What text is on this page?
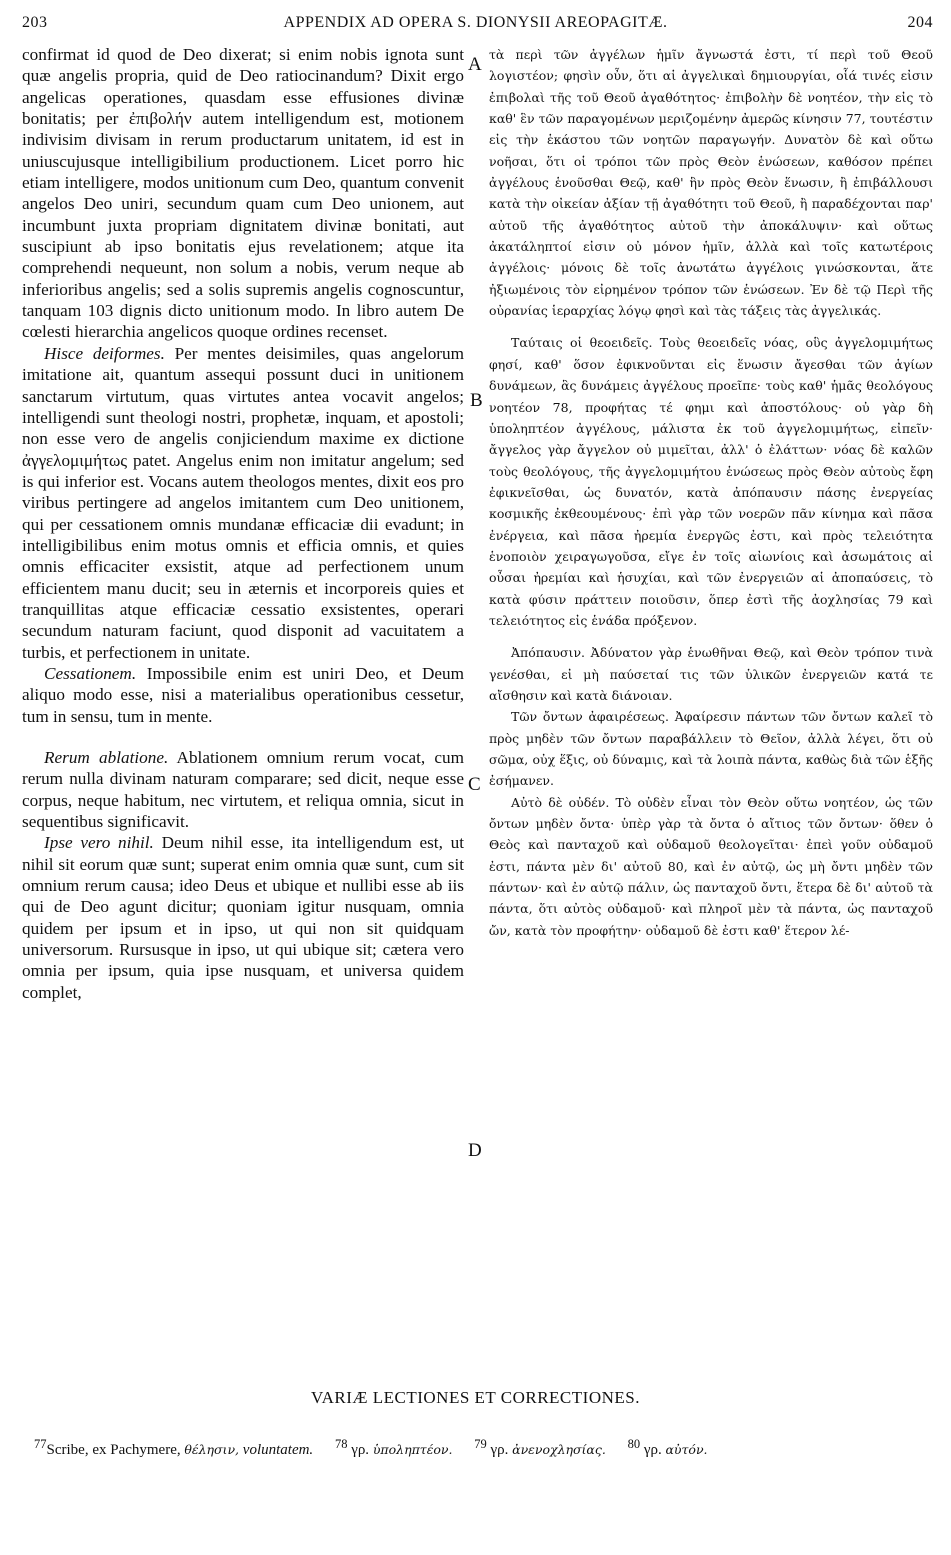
203	APPENDIX AD OPERA S. DIONYSII AREOPAGITÆ.	204

confirmat id quod de Deo dixerat; si enim nobis ignota sunt quæ angelis propria, quid de Deo ratiocinandum? Dixit ergo angelicas operationes, quasdam esse effusiones divinæ bonitatis; per ἐπιβολήν autem intelligendum est, motionem indivisim divisam in rerum productarum unitatem, id est in uniuscujusque intelligibilium productionem. Licet porro hic etiam intelligere, modos unitionum cum Deo, quantum convenit angelos Deo uniri, secundum quam cum Deo unionem, aut incumbunt juxta propriam dignitatem divinæ bonitati, aut suscipiunt ab ipso bonitatis ejus revelationem; atque ita comprehendi nequeunt, non solum a nobis, verum neque ab inferioribus angelis; sed a solis supremis angelis cognoscuntur, tanquam 103 dignis dicto unitionum modo. In libro autem De cœlesti hierarchia angelicos quoque ordines recenset.

Hisce deiformes. Per mentes deisimiles, quas angelorum imitatione ait, quantum assequi possunt duci in unitionem sanctarum virtutum, quas virtutes antea vocavit angelos; intelligendi sunt theologi nostri, prophetæ, inquam, et apostoli; non esse vero de angelis conjiciendum maxime ex dictione ἀγγελομιμήτως patet. Angelus enim non imitatur angelum; sed is qui inferior est. Vocans autem theologos mentes, dixit eos pro viribus pertingere ad angelos imitantem cum Deo unitionem, qui per cessationem omnis mundanæ efficaciæ dii evadunt; in intelligibilibus enim motus omnis et efficia omnis, et quies omnis efficaciter exsistit, atque ad perfectionem unum efficientem manu ducit; seu in æternis et incorporeis quies et tranquillitas atque efficaciæ cessatio exsistentes, operari secundum naturam faciunt, quod disponit ad vacuitatem a turbis, et perfectionem in unitate.

Cessationem. Impossibile enim est uniri Deo, et Deum aliquo modo esse, nisi a materialibus operationibus cessetur, tum in sensu, tum in mente.

Rerum ablatione. Ablationem omnium rerum vocat, cum rerum nulla divinam naturam comparare; sed dicit, neque esse corpus, neque habitum, nec virtutem, et reliqua omnia, sicut in sequentibus significavit.

Ipse vero nihil. Deum nihil esse, ita intelligendum est, ut nihil sit eorum quæ sunt; superat enim omnia quæ sunt, cum sit omnium rerum causa; ideo Deus et ubique et nullibi esse ab iis qui de Deo agunt dicitur; quoniam igitur nusquam, omnia quidem per ipsum et in ipso, ut qui non sit quidquam universorum. Rursusque in ipso, ut qui ubique sit; cætera vero omnia per ipsum, quia ipse nusquam, et universa quidem complet,

A
B
C
D

τὰ περὶ τῶν ἀγγέλων ἡμῖν ἄγνωστά ἐστι, τί περὶ τοῦ Θεοῦ λογιστέον; φησὶν οὖν, ὅτι αἱ ἀγγελικαὶ δημιουργίαι, οἷά τινές εἰσιν ἐπιβολαὶ τῆς τοῦ Θεοῦ ἀγαθότητος· ἐπιβολὴν δὲ νοητέον, τὴν εἰς τὸ καθ' ἓν τῶν παραγομένων μεριζομένην ἀμερῶς κίνησιν 77, τουτέστιν εἰς τὴν ἑκάστου τῶν νοητῶν παραγωγήν. Δυνατὸν δὲ καὶ οὕτω νοῆσαι, ὅτι οἱ τρόποι τῶν πρὸς Θεὸν ἑνώσεων, καθόσον πρέπει ἀγγέλους ἑνοῦσθαι Θεῷ, καθ' ἣν πρὸς Θεὸν ἕνωσιν, ἢ ἐπιβάλλουσι κατὰ τὴν οἰκείαν ἀξίαν τῇ ἀγαθότητι τοῦ Θεοῦ, ἢ παραδέχονται παρ' αὐτοῦ τῆς ἀγαθότητος αὐτοῦ τὴν ἀποκάλυψιν· καὶ οὕτως ἀκατάληπτοί εἰσιν οὐ μόνον ἡμῖν, ἀλλὰ καὶ τοῖς κατωτέροις ἀγγέλοις· μόνοις δὲ τοῖς ἀνωτάτω ἀγγέλοις γινώσκονται, ἅτε ἠξιωμένοις τὸν εἰρημένον τρόπον τῶν ἑνώσεων. Ἐν δὲ τῷ Περὶ τῆς οὐρανίας ἱεραρχίας λόγῳ φησὶ καὶ τὰς τάξεις τὰς ἀγγελικάς.

Ταύταις οἱ θεοειδεῖς. Τοὺς θεοειδεῖς νόας, οὓς ἀγγελομιμήτως φησί, καθ' ὅσον ἐφικνοῦνται εἰς ἕνωσιν ἄγεσθαι τῶν ἁγίων δυνάμεων, ἃς δυνάμεις ἀγγέλους προεῖπε· τοὺς καθ' ἡμᾶς θεολόγους νοητέον 78, προφήτας τέ φημι καὶ ἀποστόλους· οὐ γὰρ δὴ ὑποληπτέον ἀγγέλους, μάλιστα ἐκ τοῦ ἀγγελομιμήτως, εἰπεῖν· ἄγγελος γὰρ ἄγγελον οὐ μιμεῖται, ἀλλ' ὁ ἐλάττων· νόας δὲ καλῶν τοὺς θεολόγους, τῆς ἀγγελομιμήτου ἑνώσεως πρὸς Θεὸν αὐτοὺς ἔφη ἐφικνεῖσθαι, ὡς δυνατόν, κατὰ ἀπόπαυσιν πάσης ἐνεργείας κοσμικῆς ἐκθεουμένους· ἐπὶ γὰρ τῶν νοερῶν πᾶν κίνημα καὶ πᾶσα ἐνέργεια, καὶ πᾶσα ἠρεμία ἐνεργῶς ἐστι, καὶ πρὸς τελειότητα ἑνοποιὸν χειραγωγοῦσα, εἴγε ἐν τοῖς αἰωνίοις καὶ ἀσωμάτοις αἱ οὖσαι ἠρεμίαι καὶ ἡσυχίαι, καὶ τῶν ἐνεργειῶν αἱ ἀποπαύσεις, τὸ κατὰ φύσιν πράττειν ποιοῦσιν, ὅπερ ἐστὶ τῆς ἀοχλησίας 79 καὶ τελειότητος εἰς ἑνάδα πρόξενον.

Ἀπόπαυσιν. Ἀδύνατον γὰρ ἑνωθῆναι Θεῷ, καὶ Θεὸν τρόπον τινὰ γενέσθαι, εἰ μὴ παύσεταί τις τῶν ὑλικῶν ἐνεργειῶν κατά τε αἴσθησιν καὶ κατὰ διάνοιαν.

Τῶν ὄντων ἀφαιρέσεως. Ἀφαίρεσιν πάντων τῶν ὄντων καλεῖ τὸ πρὸς μηδὲν τῶν ὄντων παραβάλλειν τὸ Θεῖον, ἀλλὰ λέγει, ὅτι οὐ σῶμα, οὐχ ἕξις, οὐ δύναμις, καὶ τὰ λοιπὰ πάντα, καθὼς διὰ τῶν ἑξῆς ἐσήμανεν.

Αὐτὸ δὲ οὐδέν. Τὸ οὐδὲν εἶναι τὸν Θεὸν οὕτω νοητέον, ὡς τῶν ὄντων μηδὲν ὄντα· ὑπὲρ γὰρ τὰ ὄντα ὁ αἴτιος τῶν ὄντων· ὅθεν ὁ Θεὸς καὶ πανταχοῦ καὶ οὐδαμοῦ θεολογεῖται· ἐπεὶ γοῦν οὐδαμοῦ ἐστι, πάντα μὲν δι' αὐτοῦ 80, καὶ ἐν αὐτῷ, ὡς μὴ ὄντι μηδὲν τῶν πάντων· καὶ ἐν αὐτῷ πάλιν, ὡς πανταχοῦ ὄντι, ἕτερα δὲ δι' αὐτοῦ τὰ πάντα, ὅτι αὐτὸς οὐδαμοῦ· καὶ πληροῖ μὲν τὰ πάντα, ὡς πανταχοῦ ὤν, κατὰ τὸν προφήτην· οὐδαμοῦ δὲ ἐστι καθ' ἕτερον λέ-

VARIÆ LECTIONES ET CORRECTIONES.
$^{77}$Scribe, ex Pachymere, θέλησιν, voluntatem. $^{78}$ γρ. ὑποληπτέον. $^{79}$ γρ. ἀνενοχλησίας. $^{80}$ γρ. αὐτόν.
